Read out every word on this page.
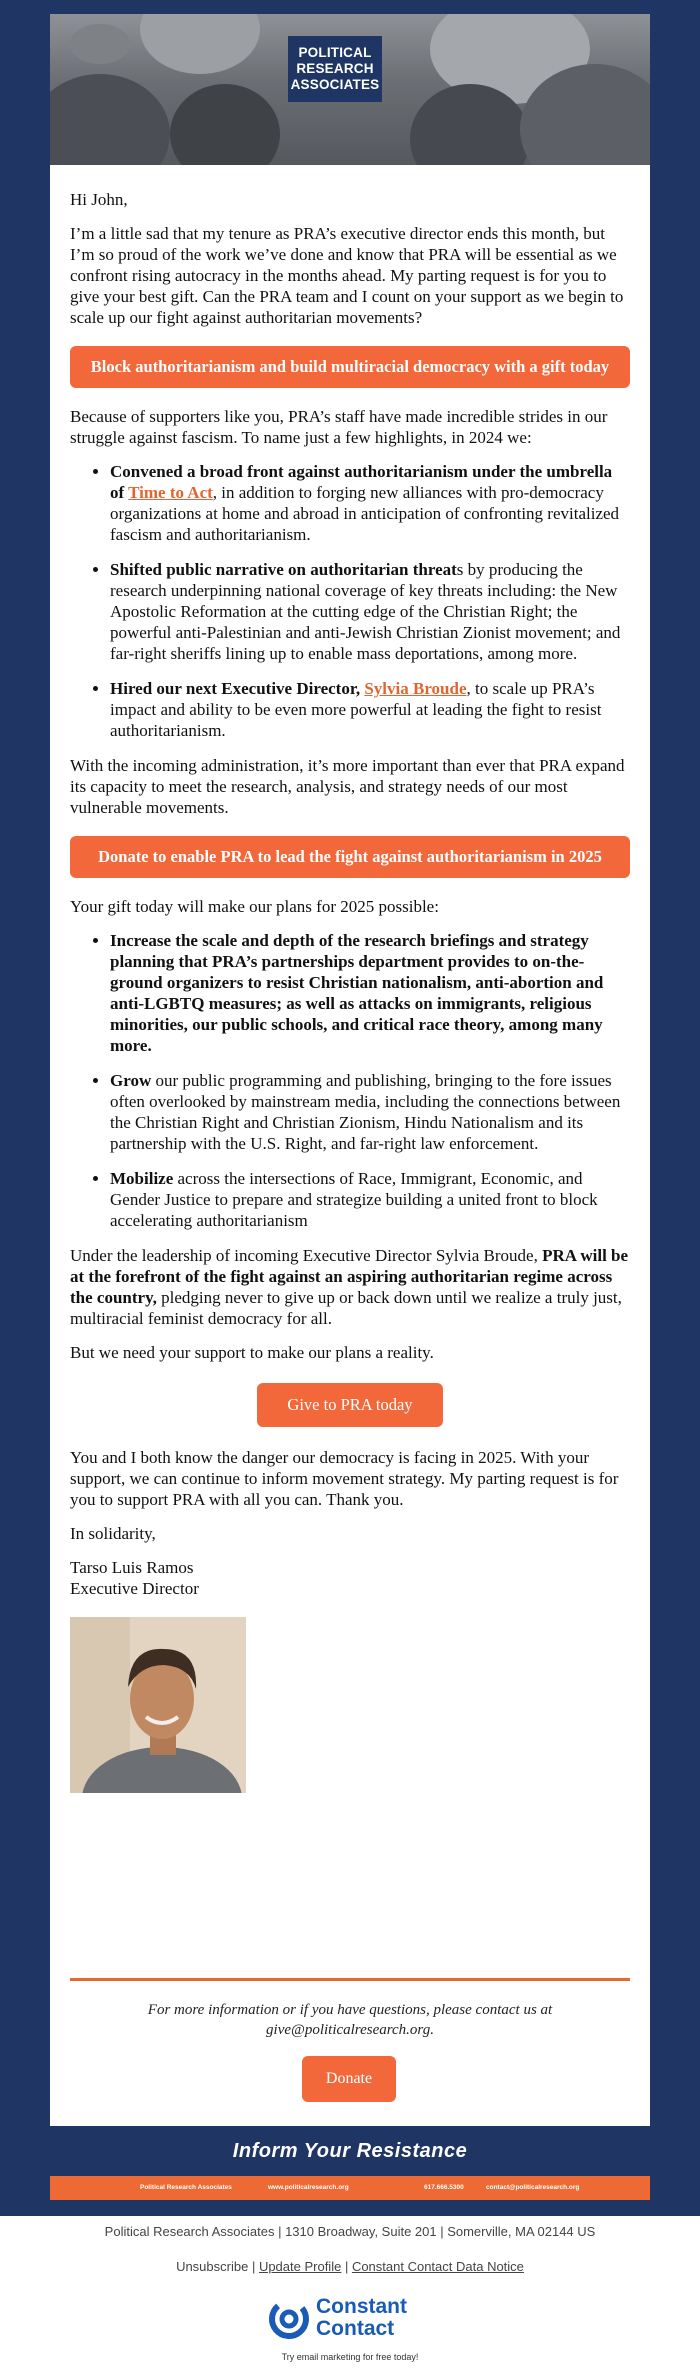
POLITICAL
RESEARCH
ASSOCIATES

Hi John,

I’m a little sad that my tenure as PRA’s executive director ends this month, but I’m so proud of the work we’ve done and know that PRA will be essential as we confront rising autocracy in the months ahead. My parting request is for you to give your best gift. Can the PRA team and I count on your support as we begin to scale up our fight against authoritarian movements?

Block authoritarianism and build multiracial democracy with a gift today

Because of supporters like you, PRA’s staff have made incredible strides in our struggle against fascism. To name just a few highlights, in 2024 we:

• Convened a broad front against authoritarianism under the umbrella of Time to Act, in addition to forging new alliances with pro-democracy organizations at home and abroad in anticipation of confronting revitalized fascism and authoritarianism.
• Shifted public narrative on authoritarian threats by producing the research underpinning national coverage of key threats including: the New Apostolic Reformation at the cutting edge of the Christian Right; the powerful anti-Palestinian and anti-Jewish Christian Zionist movement; and far-right sheriffs lining up to enable mass deportations, among more.
• Hired our next Executive Director, Sylvia Broude, to scale up PRA’s impact and ability to be even more powerful at leading the fight to resist authoritarianism.

With the incoming administration, it’s more important than ever that PRA expand its capacity to meet the research, analysis, and strategy needs of our most vulnerable movements.

Donate to enable PRA to lead the fight against authoritarianism in 2025

Your gift today will make our plans for 2025 possible:

• Increase the scale and depth of the research briefings and strategy planning that PRA’s partnerships department provides to on-the-ground organizers to resist Christian nationalism, anti-abortion and anti-LGBTQ measures; as well as attacks on immigrants, religious minorities, our public schools, and critical race theory, among many more.
• Grow our public programming and publishing, bringing to the fore issues often overlooked by mainstream media, including the connections between the Christian Right and Christian Zionism, Hindu Nationalism and its partnership with the U.S. Right, and far-right law enforcement.
• Mobilize across the intersections of Race, Immigrant, Economic, and Gender Justice to prepare and strategize building a united front to block accelerating authoritarianism

Under the leadership of incoming Executive Director Sylvia Broude, PRA will be at the forefront of the fight against an aspiring authoritarian regime across the country, pledging never to give up or back down until we realize a truly just, multiracial feminist democracy for all.

But we need your support to make our plans a reality.

Give to PRA today

You and I both know the danger our democracy is facing in 2025. With your support, we can continue to inform movement strategy. My parting request is for you to support PRA with all you can. Thank you.

In solidarity,

Tarso Luis Ramos

Executive Director

For more information or if you have questions, please contact us at give@politicalresearch.org.
Donate
Inform Your Resistance
Political Research Associates	www.politicalresearch.org	617.666.5300	contact@politicalresearch.org
Political Research Associates | 1310 Broadway, Suite 201 | Somerville, MA 02144 US
Unsubscribe | Update Profile | Constant Contact Data Notice
Constant
Contact
Try email marketing for free today!
